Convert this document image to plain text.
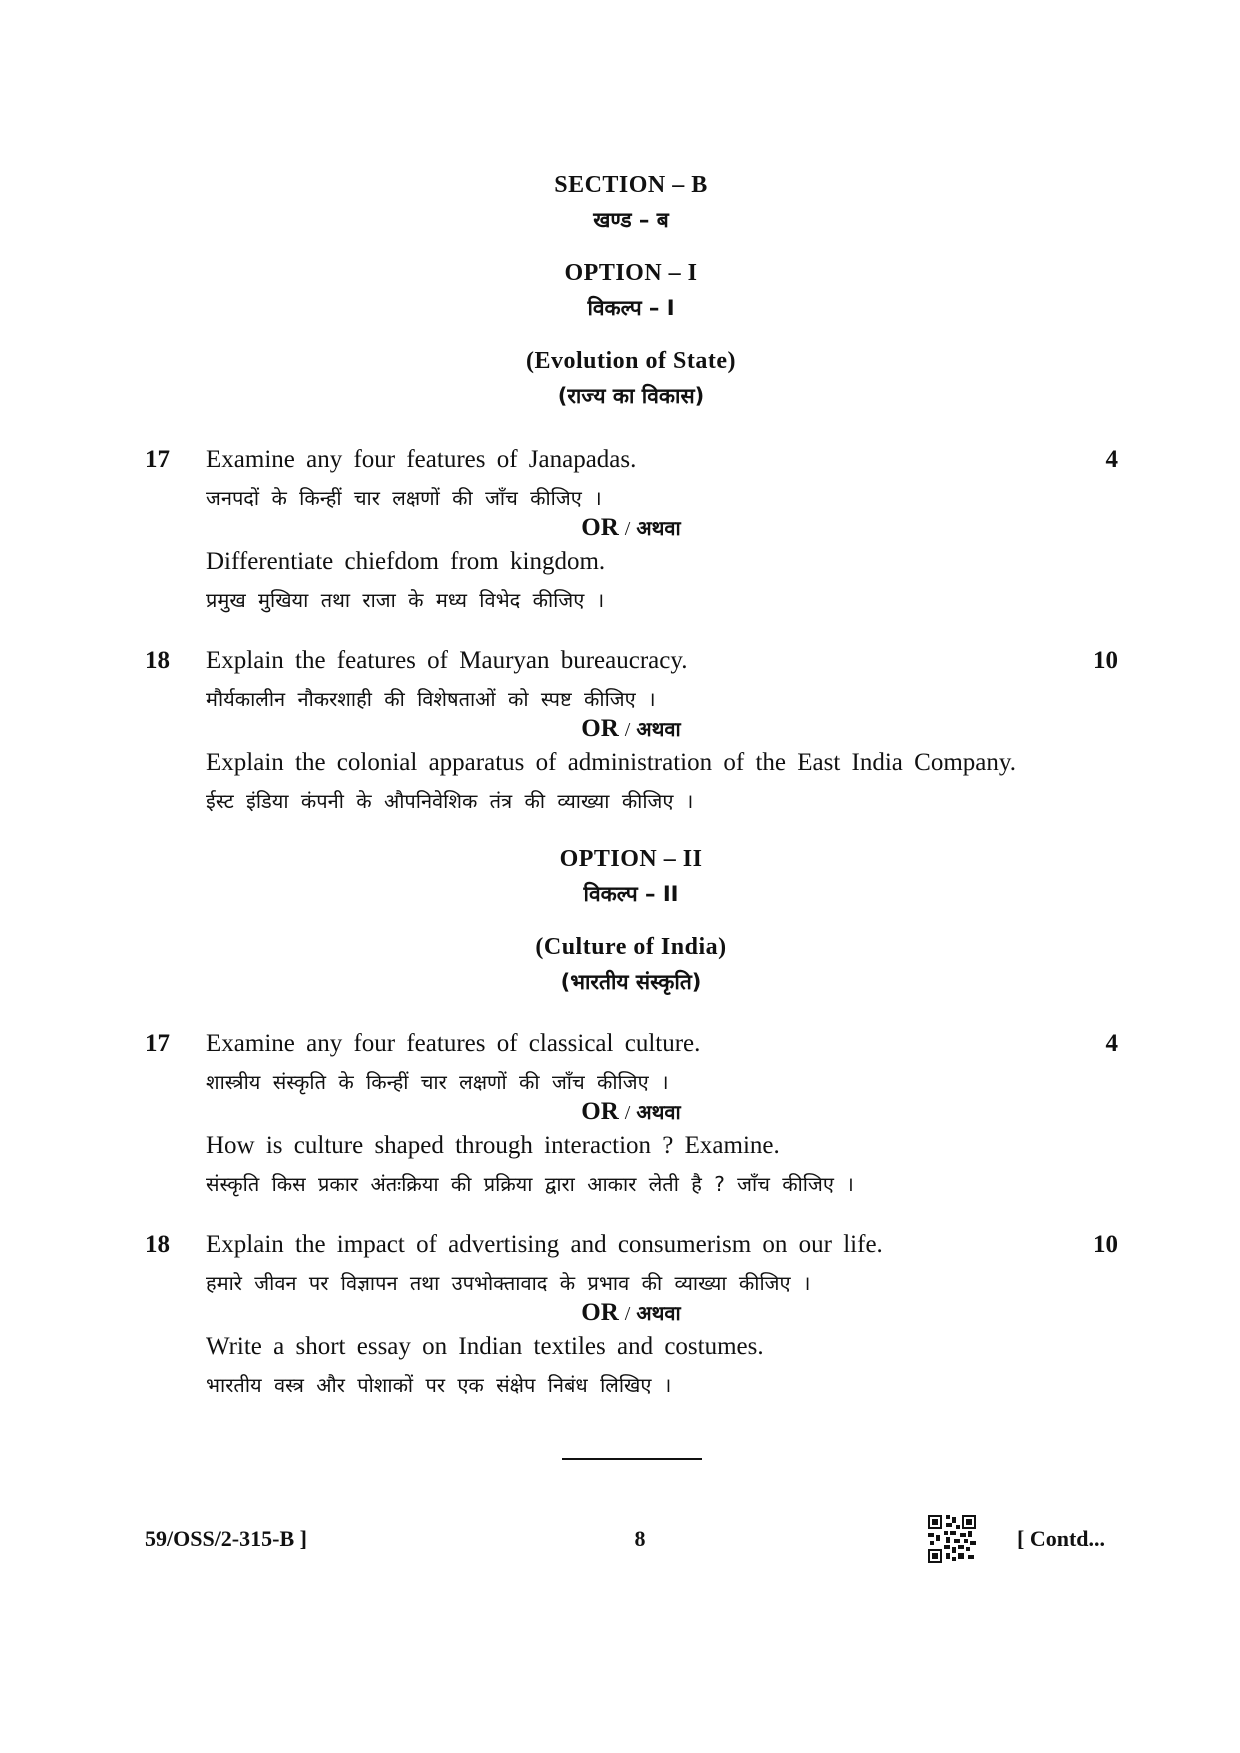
SECTION – B
खण्ड – ब
OPTION – I
विकल्प – I
(Evolution of State)
(राज्य का विकास)
17 Examine any four features of Janapadas.	4
जनपदों के किन्हीं चार लक्षणों की जाँच कीजिए ।
OR / अथवा
Differentiate chiefdom from kingdom.
प्रमुख मुखिया तथा राजा के मध्य विभेद कीजिए ।
18 Explain the features of Mauryan bureaucracy.	10
मौर्यकालीन नौकरशाही की विशेषताओं को स्पष्ट कीजिए ।
OR / अथवा
Explain the colonial apparatus of administration of the East India Company.
ईस्ट इंडिया कंपनी के औपनिवेशिक तंत्र की व्याख्या कीजिए ।
OPTION – II
विकल्प – II
(Culture of India)
(भारतीय संस्कृति)
17 Examine any four features of classical culture.	4
शास्त्रीय संस्कृति के किन्हीं चार लक्षणों की जाँच कीजिए ।
OR / अथवा
How is culture shaped through interaction ? Examine.
संस्कृति किस प्रकार अंतःक्रिया की प्रक्रिया द्वारा आकार लेती है ? जाँच कीजिए ।
18 Explain the impact of advertising and consumerism on our life.	10
हमारे जीवन पर विज्ञापन तथा उपभोक्तावाद के प्रभाव की व्याख्या कीजिए ।
OR / अथवा
Write a short essay on Indian textiles and costumes.
भारतीय वस्त्र और पोशाकों पर एक संक्षेप निबंध लिखिए ।
59/OSS/2-315-B ]	8	[ Contd...
